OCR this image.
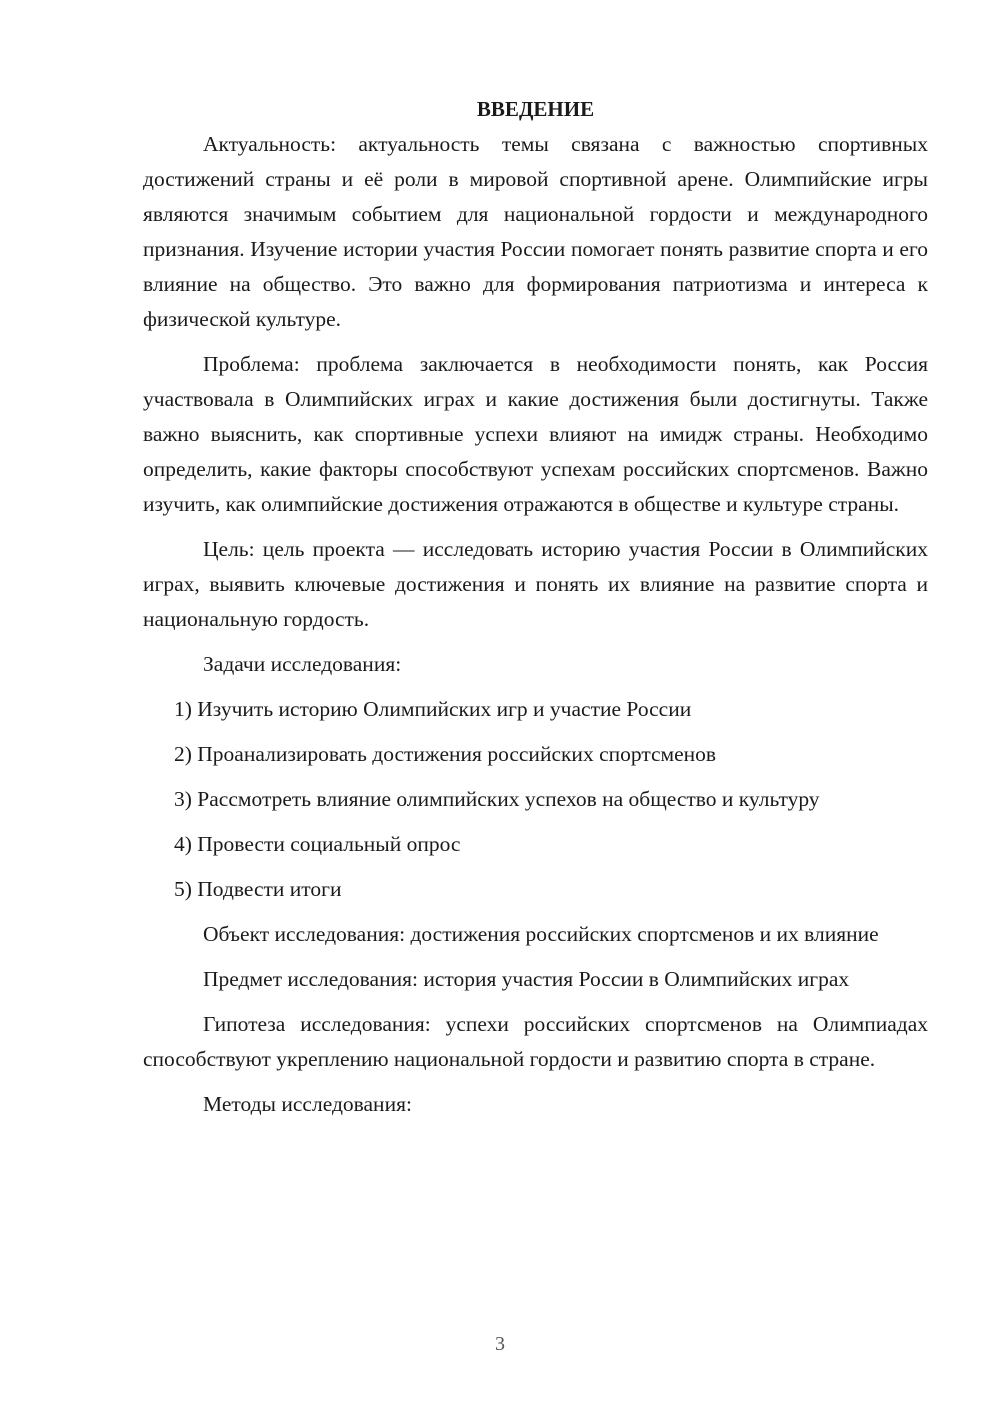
ВВЕДЕНИЕ

Актуальность: актуальность темы связана с важностью спортивных достижений страны и её роли в мировой спортивной арене. Олимпийские игры являются значимым событием для национальной гордости и международного признания. Изучение истории участия России помогает понять развитие спорта и его влияние на общество. Это важно для формирования патриотизма и интереса к физической культуре.

Проблема: проблема заключается в необходимости понять, как Россия участвовала в Олимпийских играх и какие достижения были достигнуты. Также важно выяснить, как спортивные успехи влияют на имидж страны. Необходимо определить, какие факторы способствуют успехам российских спортсменов. Важно изучить, как олимпийские достижения отражаются в обществе и культуре страны.

Цель: цель проекта — исследовать историю участия России в Олимпийских играх, выявить ключевые достижения и понять их влияние на развитие спорта и национальную гордость.

Задачи исследования:

1) Изучить историю Олимпийских игр и участие России
2) Проанализировать достижения российских спортсменов
3) Рассмотреть влияние олимпийских успехов на общество и культуру
4) Провести социальный опрос
5) Подвести итоги

Объект исследования: достижения российских спортсменов и их влияние

Предмет исследования: история участия России в Олимпийских играх

Гипотеза исследования: успехи российских спортсменов на Олимпиадах способствуют укреплению национальной гордости и развитию спорта в стране.

Методы исследования:

3
